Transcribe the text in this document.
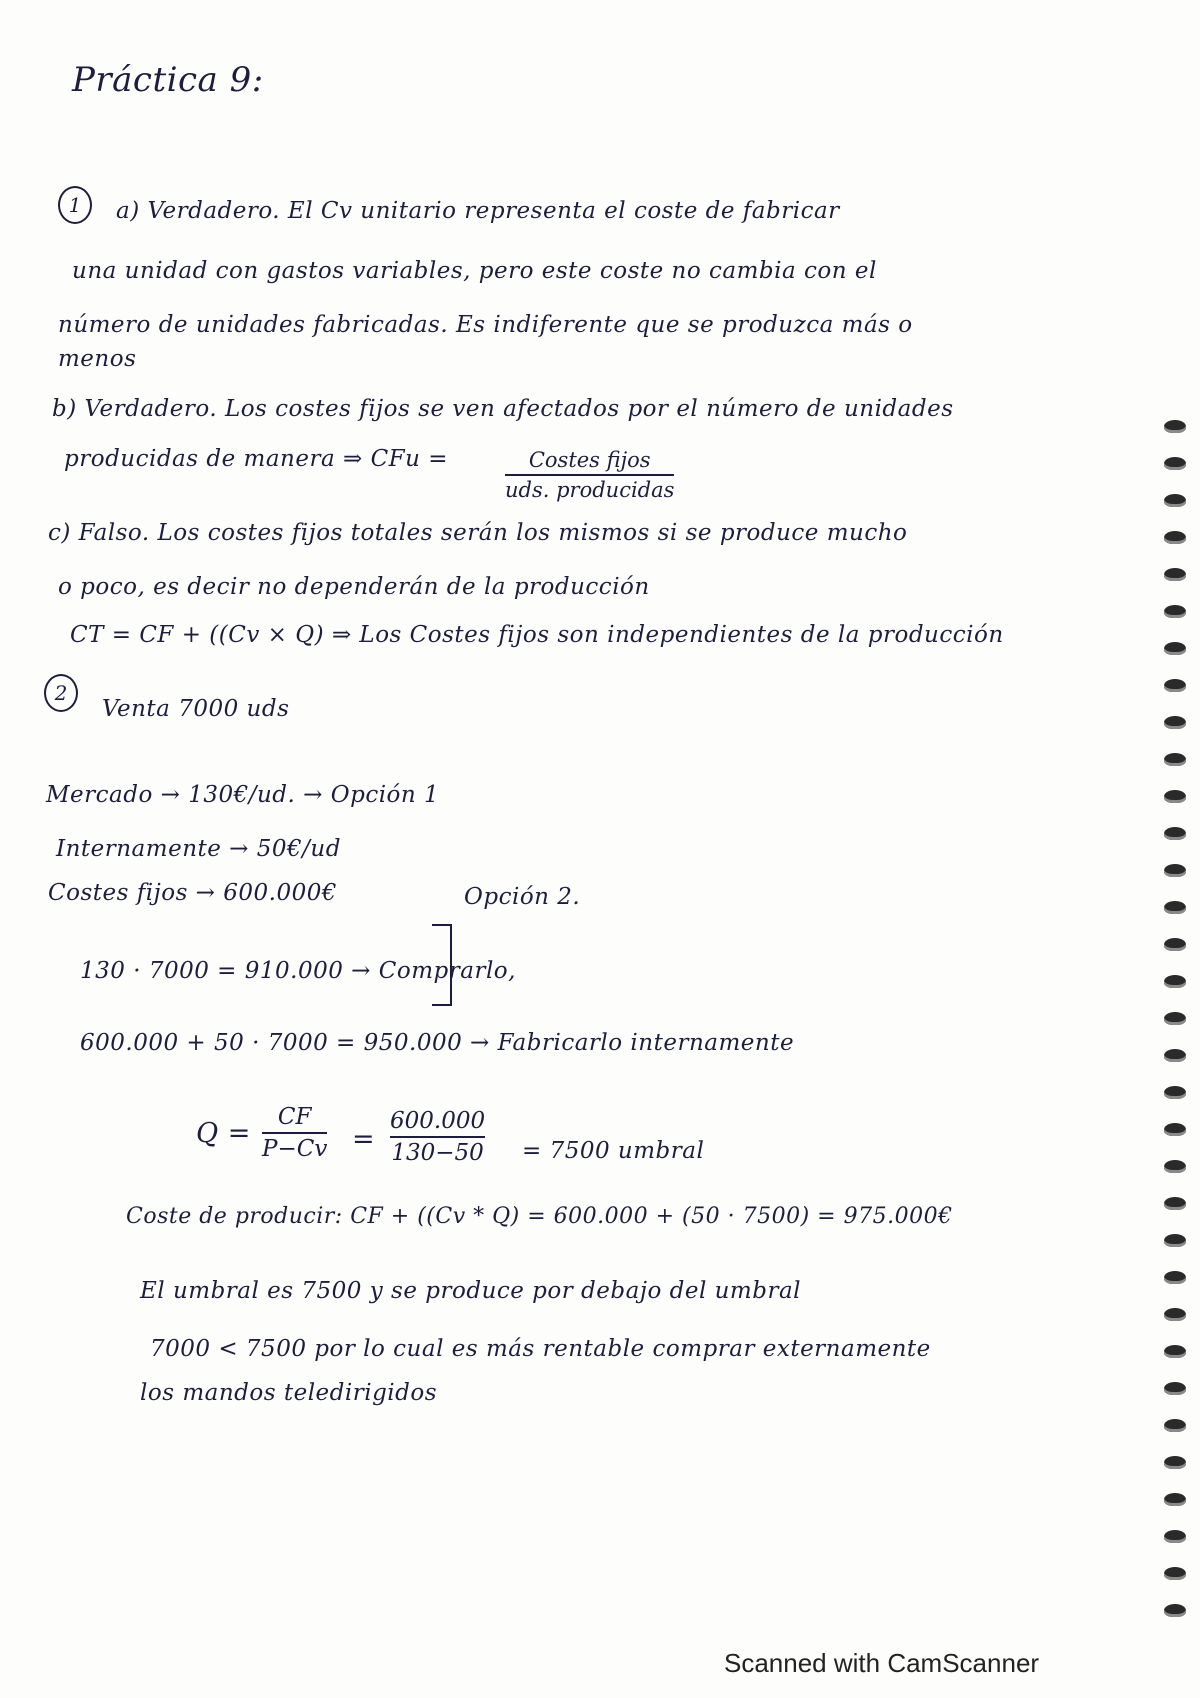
Práctica 9:
1	a) Verdadero. El Cv unitario representa el coste de fabricar
una unidad con gastos variables, pero este coste no cambia con el
número de unidades fabricadas. Es indiferente que se produzca más o
menos
b) Verdadero. Los costes fijos se ven afectados por el número de unidades
producidas de manera ⇒ CFu =	Costes fijos
uds. producidas
c) Falso. Los costes fijos totales serán los mismos si se produce mucho
o poco, es decir no dependerán de la producción
CT = CF + ((Cv × Q) ⇒ Los Costes fijos son independientes de la producción
2
Venta 7000 uds
Mercado → 130€/ud. → Opción 1
Internamente → 50€/ud
Costes fijos → 600.000€	Opción 2.
130 · 7000 = 910.000 → Comprarlo,
600.000 + 50 · 7000 = 950.000 → Fabricarlo internamente
Q =
CF
P−Cv =
600.000
130−50 = 7500 umbral
Coste de producir: CF + ((Cv * Q) = 600.000 + (50 · 7500) = 975.000€
El umbral es 7500 y se produce por debajo del umbral
7000 < 7500 por lo cual es más rentable comprar externamente
los mandos teledirigidos
Scanned with CamScanner
